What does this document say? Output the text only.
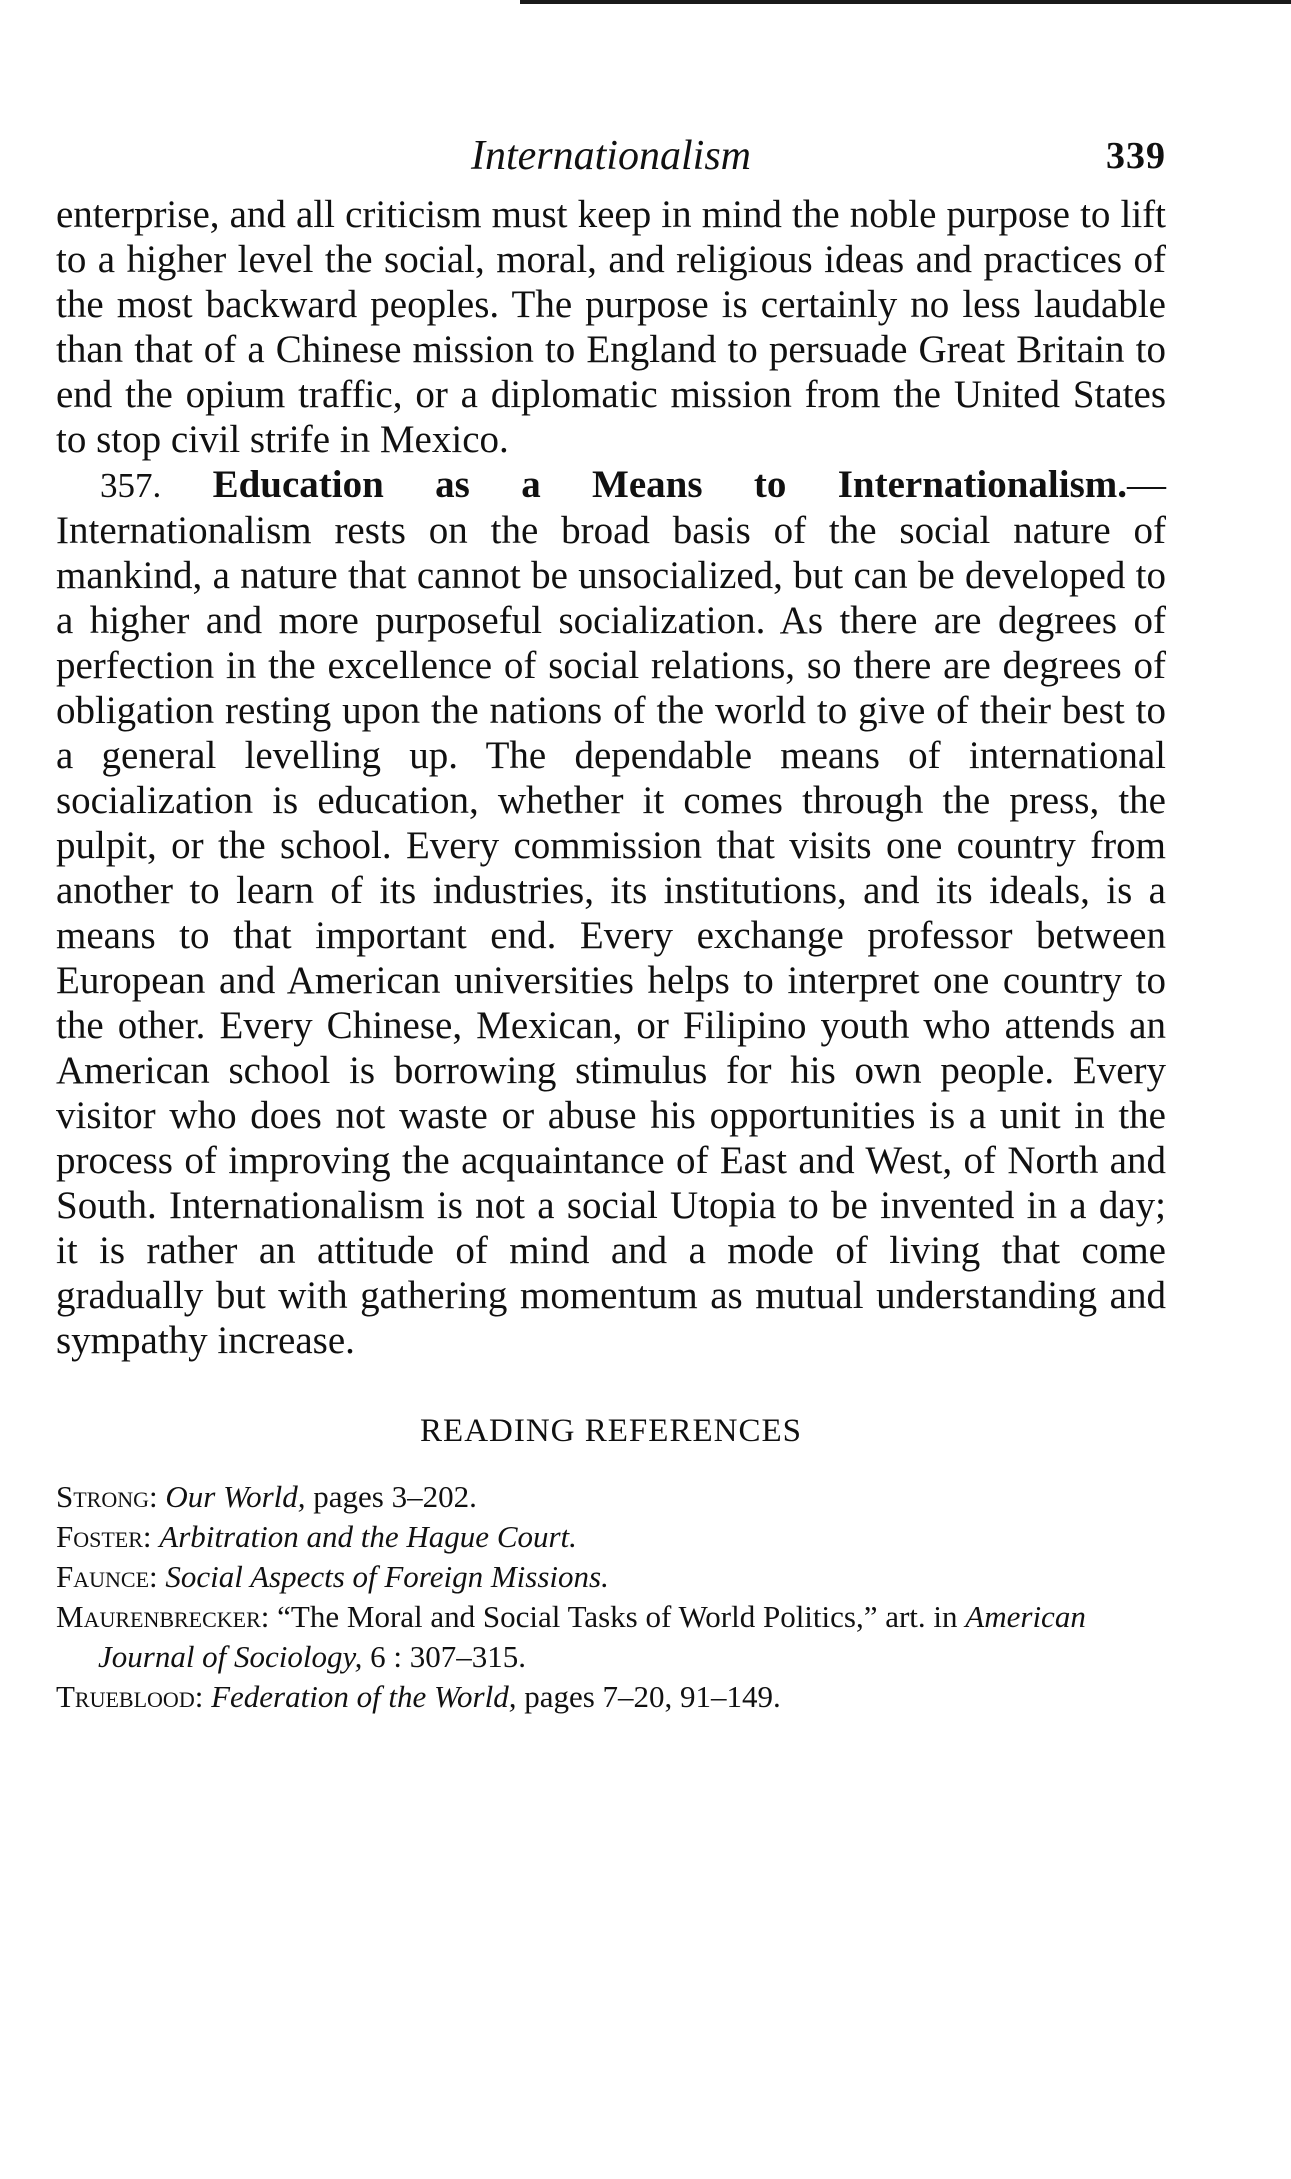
Internationalism	339

enterprise, and all criticism must keep in mind the noble purpose to lift to a higher level the social, moral, and religious ideas and practices of the most backward peoples. The purpose is certainly no less laudable than that of a Chinese mission to England to persuade Great Britain to end the opium traffic, or a diplomatic mission from the United States to stop civil strife in Mexico.

357. Education as a Means to Internationalism.—Internationalism rests on the broad basis of the social nature of mankind, a nature that cannot be unsocialized, but can be developed to a higher and more purposeful socialization. As there are degrees of perfection in the excellence of social relations, so there are degrees of obligation resting upon the nations of the world to give of their best to a general levelling up. The dependable means of international socialization is education, whether it comes through the press, the pulpit, or the school. Every commission that visits one country from another to learn of its industries, its institutions, and its ideals, is a means to that important end. Every exchange professor between European and American universities helps to interpret one country to the other. Every Chinese, Mexican, or Filipino youth who attends an American school is borrowing stimulus for his own people. Every visitor who does not waste or abuse his opportunities is a unit in the process of improving the acquaintance of East and West, of North and South. Internationalism is not a social Utopia to be invented in a day; it is rather an attitude of mind and a mode of living that come gradually but with gathering momentum as mutual understanding and sympathy increase.

READING REFERENCES
Strong: Our World, pages 3–202.
Foster: Arbitration and the Hague Court.
Faunce: Social Aspects of Foreign Missions.
Maurenbrecker: “The Moral and Social Tasks of World Politics,” art. in American Journal of Sociology, 6 : 307–315.
Trueblood: Federation of the World, pages 7–20, 91–149.
